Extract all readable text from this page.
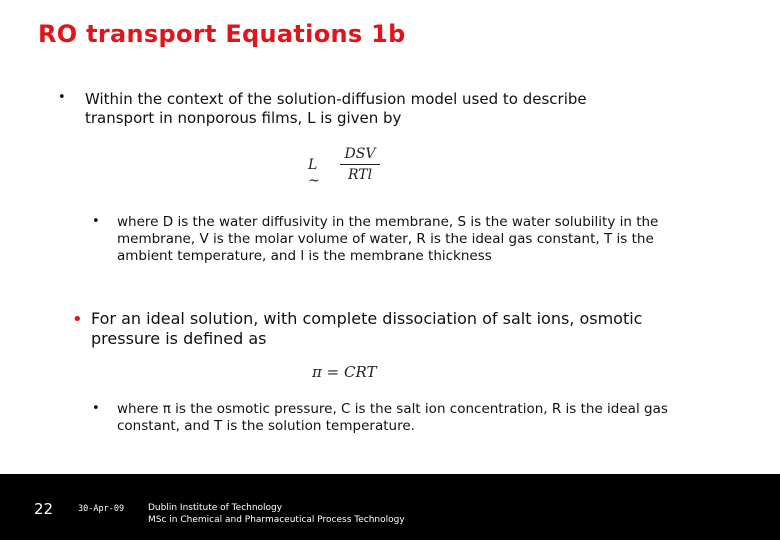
RO transport Equations 1b
• Within the context of the solution-diffusion model used to describe transport in nonporous films, L is given by
L ~
DSV
RTl
• where D is the water diffusivity in the membrane, S is the water solubility in the membrane, V is the molar volume of water, R is the ideal gas constant, T is the ambient temperature, and l is the membrane thickness
• For an ideal solution, with complete dissociation of salt ions, osmotic pressure is defined as
π = CRT
• where π is the osmotic pressure, C is the salt ion concentration, R is the ideal gas constant, and T is the solution temperature.
22	30-Apr-09	Dublin Institute of Technology
MSc in Chemical and Pharmaceutical Process Technology
